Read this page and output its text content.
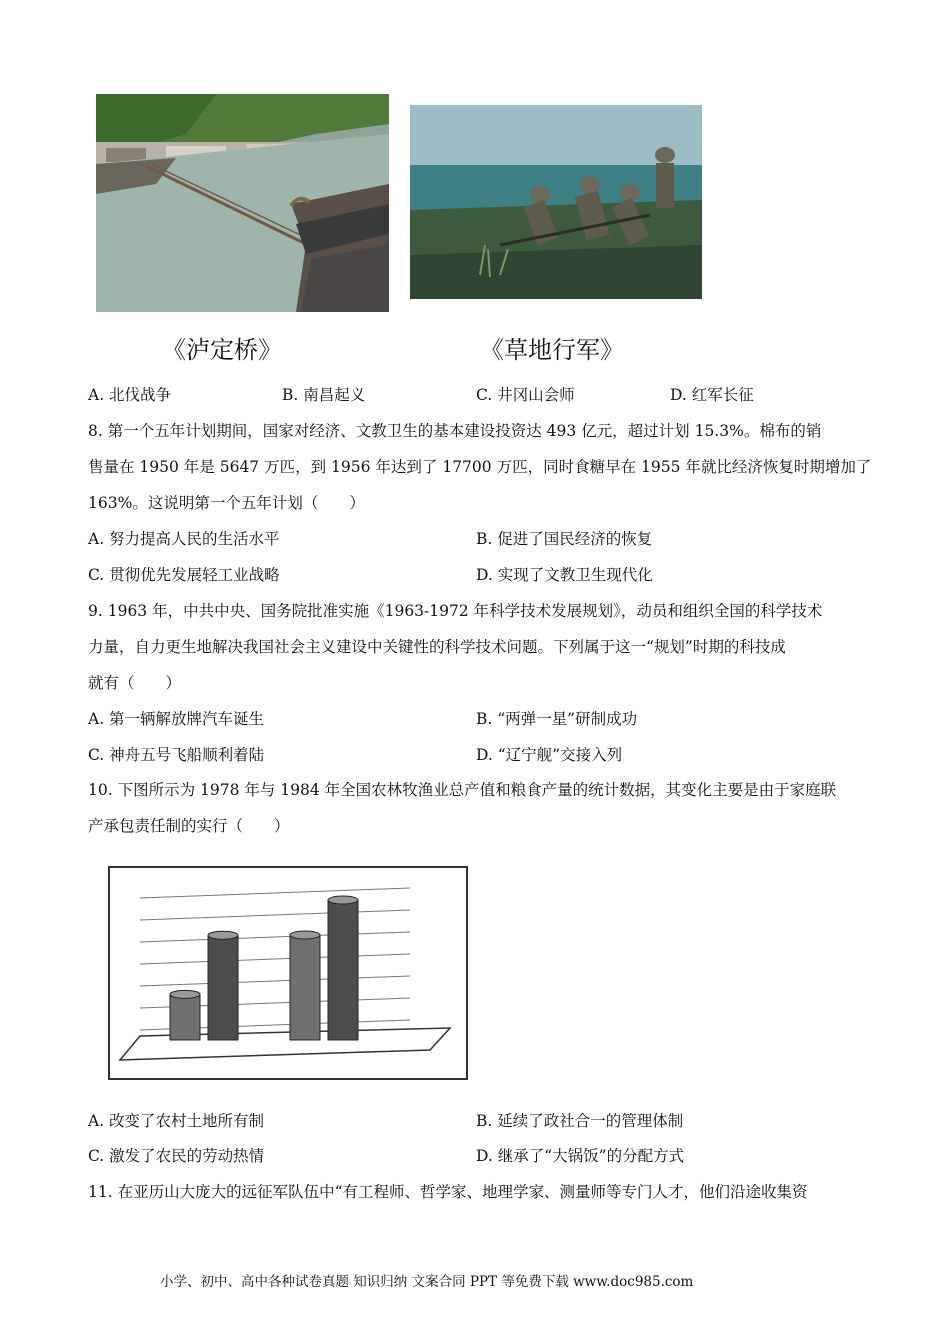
《泸定桥》	《草地行军》
A. 北伐战争	B. 南昌起义	C. 井冈山会师	D. 红军长征
8. 第一个五年计划期间，国家对经济、文教卫生的基本建设投资达 493 亿元，超过计划 15.3%。棉布的销
售量在 1950 年是 5647 万匹，到 1956 年达到了 17700 万匹，同时食糖早在 1955 年就比经济恢复时期增加了
163%。这说明第一个五年计划（　　）
A. 努力提高人民的生活水平	B. 促进了国民经济的恢复
C. 贯彻优先发展轻工业战略	D. 实现了文教卫生现代化
9. 1963 年，中共中央、国务院批准实施《1963-1972 年科学技术发展规划》，动员和组织全国的科学技术
力量，自力更生地解决我国社会主义建设中关键性的科学技术问题。下列属于这一“规划”时期的科技成
就有（　　）
A. 第一辆解放牌汽车诞生	B. “两弹一星”研制成功
C. 神舟五号飞船顺利着陆	D. “辽宁舰”交接入列
10. 下图所示为 1978 年与 1984 年全国农林牧渔业总产值和粮食产量的统计数据，其变化主要是由于家庭联
产承包责任制的实行（　　）
A. 改变了农村土地所有制	B. 延续了政社合一的管理体制
C. 激发了农民的劳动热情	D. 继承了“大锅饭”的分配方式
11. 在亚历山大庞大的远征军队伍中“有工程师、哲学家、地理学家、测量师等专门人才，他们沿途收集资
小学、初中、高中各种试卷真题 知识归纳 文案合同 PPT 等免费下载 www.doc985.com
